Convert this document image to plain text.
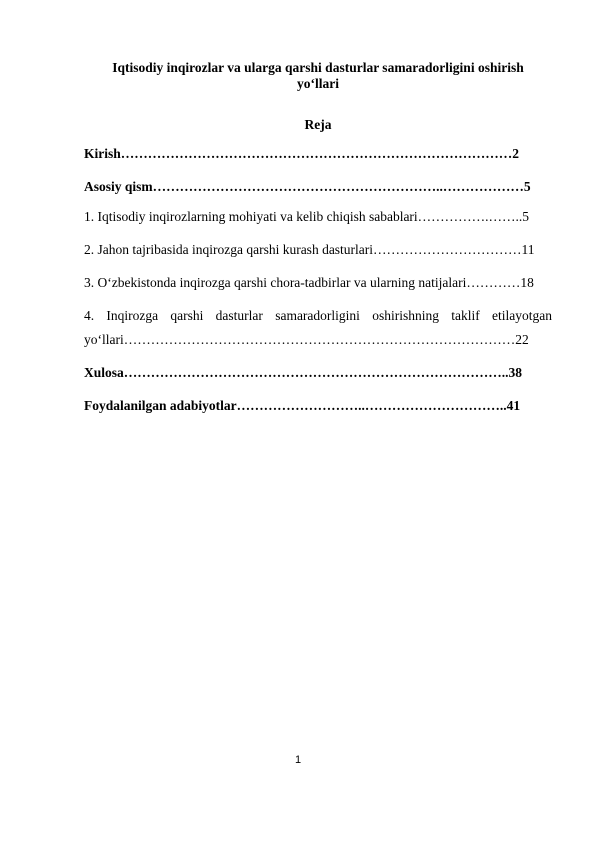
Iqtisodiy inqirozlar va ularga qarshi dasturlar samaradorligini oshirish
yo‘llari
Reja
Kirish……………………………………………………………………………2
Asosiy qism………………………………………………………..………………5
1. Iqtisodiy inqirozlarning mohiyati va kelib chiqish sabablari…………….……..5
2. Jahon tajribasida inqirozga qarshi kurash dasturlari……………………………11
3. O‘zbekistonda inqirozga qarshi chora-tadbirlar va ularning natijalari…………18
4. Inqirozga qarshi dasturlar samaradorligini oshirishning taklif etilayotgan
yo‘llari……………………………………………………………………………22
Xulosa…………………………………………………………………………..38
Foydalanilgan adabiyotlar………………………..…………………………..41
1
